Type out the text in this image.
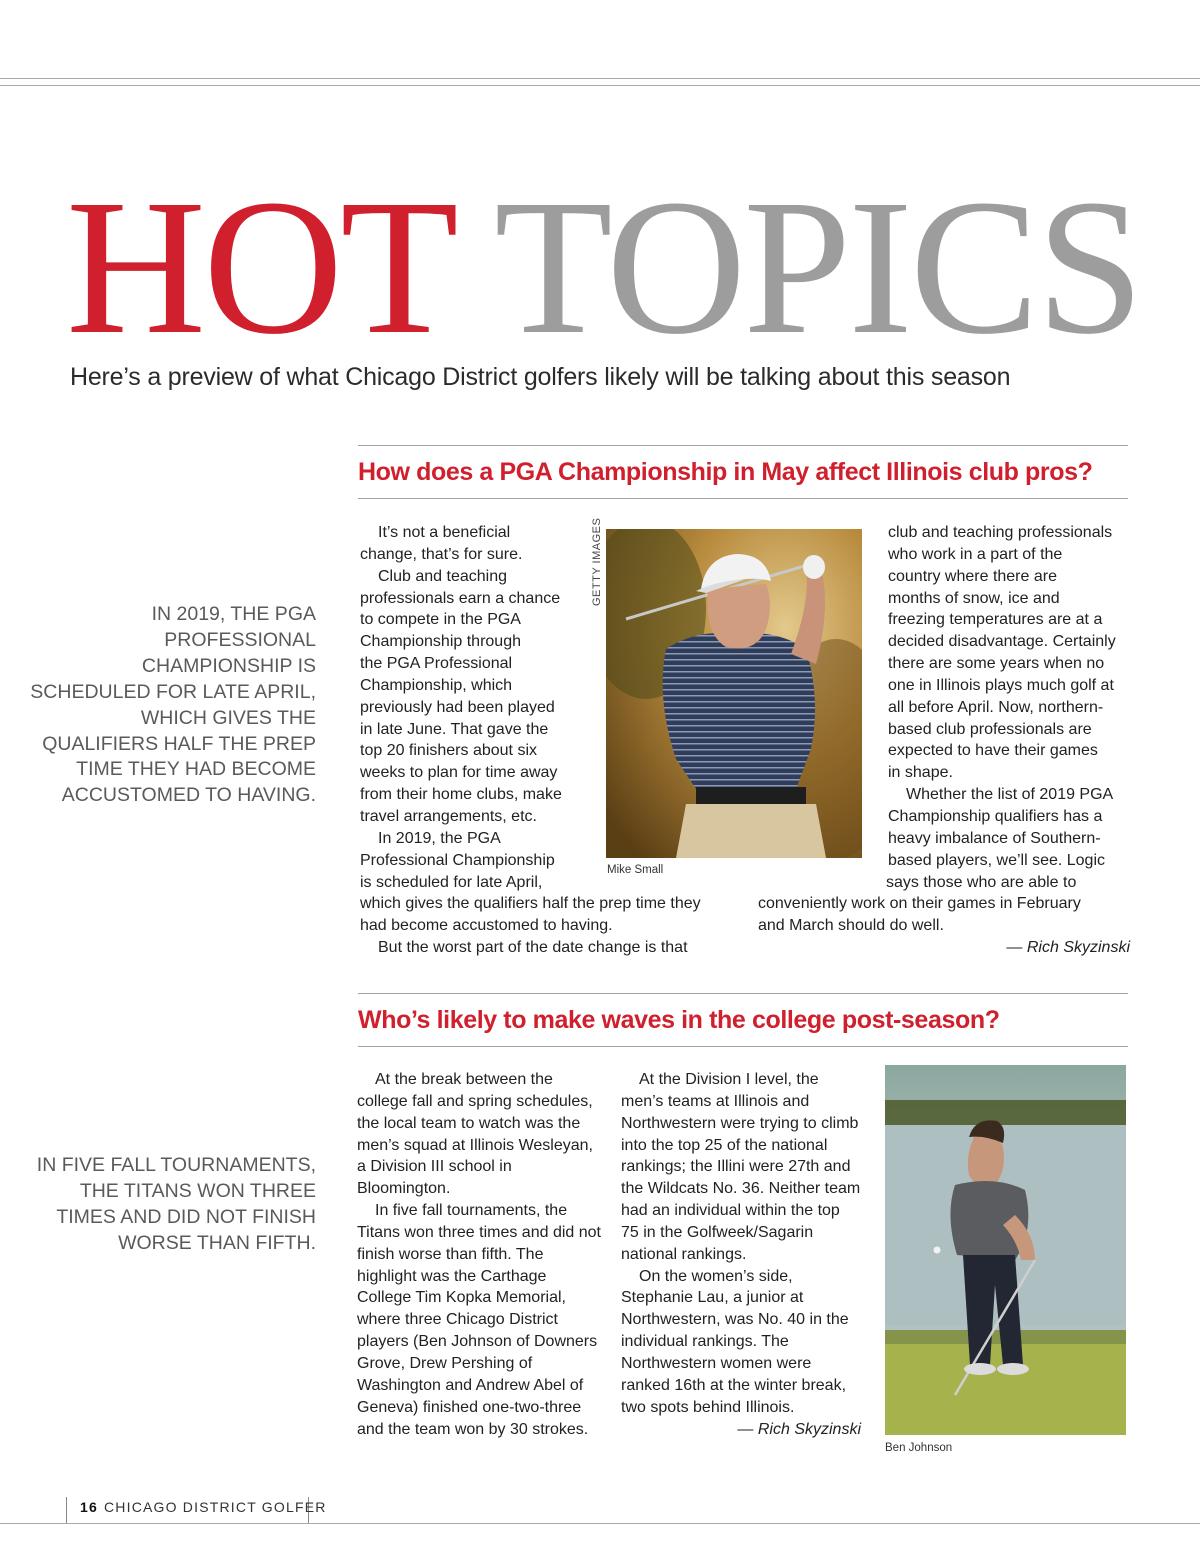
HOT TOPICS

Here’s a preview of what Chicago District golfers likely will be talking about this season

How does a PGA Championship in May affect Illinois club pros?

IN 2019, THE PGA PROFESSIONAL CHAMPIONSHIP IS SCHEDULED FOR LATE APRIL, WHICH GIVES THE QUALIFIERS HALF THE PREP TIME THEY HAD BECOME ACCUSTOMED TO HAVING.

It’s not a beneficial

change, that’s for sure.

Club and teaching

professionals earn a chance

to compete in the PGA

Championship through

the PGA Professional

Championship, which

previously had been played

in late June. That gave the

top 20 finishers about six

weeks to plan for time away

from their home clubs, make

travel arrangements, etc.

In 2019, the PGA

Professional Championship

is scheduled for late April,

which gives the qualifiers half the prep time they

had become accustomed to having.

But the worst part of the date change is that

GETTY IMAGES

Mike Small

club and teaching professionals

who work in a part of the

country where there are

months of snow, ice and

freezing temperatures are at a

decided disadvantage. Certainly

there are some years when no

one in Illinois plays much golf at

all before April. Now, northern-

based club professionals are

expected to have their games

in shape.

Whether the list of 2019 PGA

Championship qualifiers has a

heavy imbalance of Southern-

based players, we’ll see. Logic

says those who are able to

conveniently work on their games in February

and March should do well.

— Rich Skyzinski

Who’s likely to make waves in the college post-season?

IN FIVE FALL TOURNAMENTS, THE TITANS WON THREE TIMES AND DID NOT FINISH WORSE THAN FIFTH.

At the break between the college fall and spring schedules, the local team to watch was the men’s squad at Illinois Wesleyan, a Division III school in Bloomington.

In five fall tournaments, the Titans won three times and did not finish worse than fifth. The highlight was the Carthage College Tim Kopka Memorial, where three Chicago District players (Ben Johnson of Downers Grove, Drew Pershing of Washington and Andrew Abel of Geneva) finished one-two-three and the team won by 30 strokes.

At the Division I level, the men’s teams at Illinois and Northwestern were trying to climb into the top 25 of the national rankings; the Illini were 27th and the Wildcats No. 36. Neither team had an individual within the top 75 in the Golfweek/Sagarin national rankings.

On the women’s side, Stephanie Lau, a junior at Northwestern, was No. 40 in the individual rankings. The Northwestern women were ranked 16th at the winter break, two spots behind Illinois.

— Rich Skyzinski

Ben Johnson

16 CHICAGO DISTRICT GOLFER
